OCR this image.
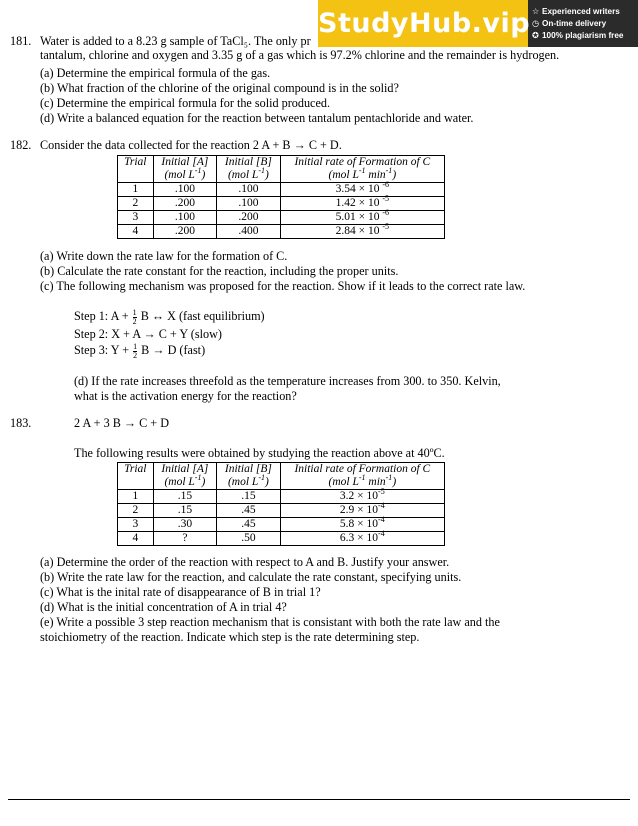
181. Water is added to a 8.23 g sample of TaCl₅. The only pr
tantalum, chlorine and oxygen and 3.35 g of a gas which is 97.2% chlorine and the remainder is hydrogen.
(a) Determine the empirical formula of the gas.
(b) What fraction of the chlorine of the original compound is in the solid?
(c) Determine the empirical formula for the solid produced.
(d) Write a balanced equation for the reaction between tantalum pentachloride and water.
182. Consider the data collected for the reaction 2 A + B → C + D.
Trial	Initial [A]	Initial [B]	Initial rate of Formation of C
	(mol $L^{-1}$)	(mol $L^{-1}$)	(mol $L^{-1}$ $\min^{-1}$)
1	.100	.100	3.54 × 10 $^{-6}$
2	.200	.100	1.42 × 10 $^{-5}$
3	.100	.200	5.01 × 10 $^{-6}$
4	.200	.400	2.84 × 10 $^{-5}$
(a) Write down the rate law for the formation of C.
(b) Calculate the rate constant for the reaction, including the proper units.
(c) The following mechanism was proposed for the reaction. Show if it leads to the correct rate law.
Step 1: $A + \frac{1}{2}$ B ↔ X (fast equilibrium)
Step 2: X + A → C + Y (slow)
Step 3: $Y + \frac{1}{2}$ B → D (fast)
(d) If the rate increases threefold as the temperature increases from 300. to 350. Kelvin,
what is the activation energy for the reaction?
183.	2 A + 3 B → C + D
The following results were obtained by studying the reaction above at 40ºC.
Trial	Initial [A]	Initial [B]	Initial rate of Formation of C
	(mol $L^{-1}$)	(mol $L^{-1}$)	(mol $L^{-1}$ $\min^{-1}$)
1	.15	.15	$3.2 \times 10^{-5}$
2	.15	.45	$2.9 \times 10^{-4}$
3	.30	.45	$5.8 \times 10^{-4}$
4	?	.50	$6.3 \times 10^{-4}$
(a) Determine the order of the reaction with respect to A and B. Justify your answer.
(b) Write the rate law for the reaction, and calculate the rate constant, specifying units.
(c) What is the inital rate of disappearance of B in trial 1?
(d) What is the initial concentration of A in trial 4?
(e) Write a possible 3 step reaction mechanism that is consistant with both the rate law and the
stoichiometry of the reaction. Indicate which step is the rate determining step.
StudyHub.vip ☆ Experienced writers
◷ On-time delivery
✪ 100% plagiarism free
